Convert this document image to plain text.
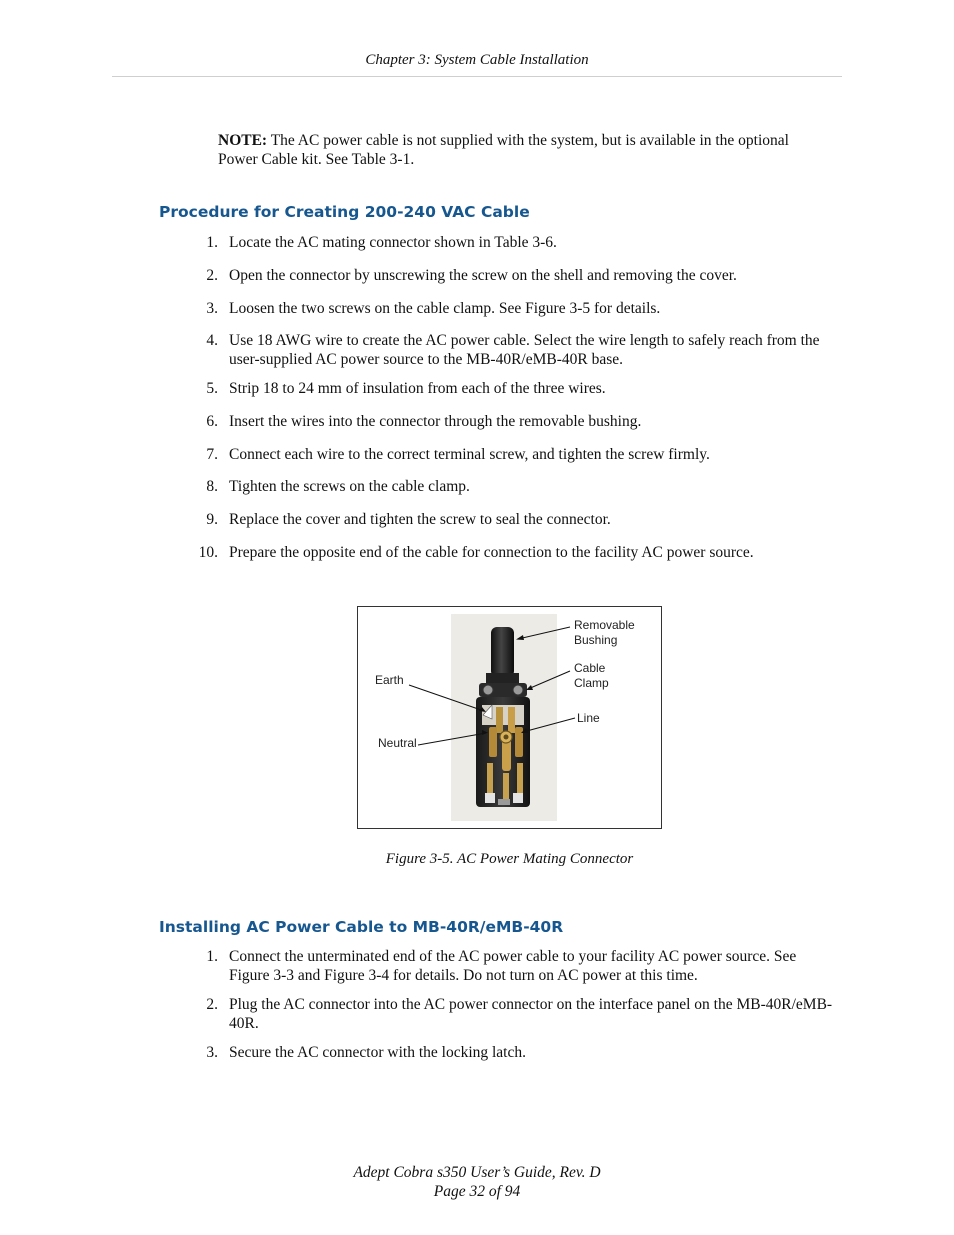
Chapter 3: System Cable Installation
NOTE: The AC power cable is not supplied with the system, but is available in the optional Power Cable kit. See Table 3-1.
Procedure for Creating 200-240 VAC Cable
1. Locate the AC mating connector shown in Table 3-6.
2. Open the connector by unscrewing the screw on the shell and removing the cover.
3. Loosen the two screws on the cable clamp. See Figure 3-5 for details.
4. Use 18 AWG wire to create the AC power cable. Select the wire length to safely reach from the user-supplied AC power source to the MB-40R/eMB-40R base.
5. Strip 18 to 24 mm of insulation from each of the three wires.
6. Insert the wires into the connector through the removable bushing.
7. Connect each wire to the correct terminal screw, and tighten the screw firmly.
8. Tighten the screws on the cable clamp.
9. Replace the cover and tighten the screw to seal the connector.
10. Prepare the opposite end of the cable for connection to the facility AC power source.
Removable
Bushing
Cable
Clamp
Earth
Line
Neutral
Figure 3-5. AC Power Mating Connector
Installing AC Power Cable to MB-40R/eMB-40R
1. Connect the unterminated end of the AC power cable to your facility AC power source. See Figure 3-3 and Figure 3-4 for details. Do not turn on AC power at this time.
2. Plug the AC connector into the AC power connector on the interface panel on the MB-40R/eMB-40R.
3. Secure the AC connector with the locking latch.
Adept Cobra s350 User’s Guide, Rev. D
Page 32 of 94
